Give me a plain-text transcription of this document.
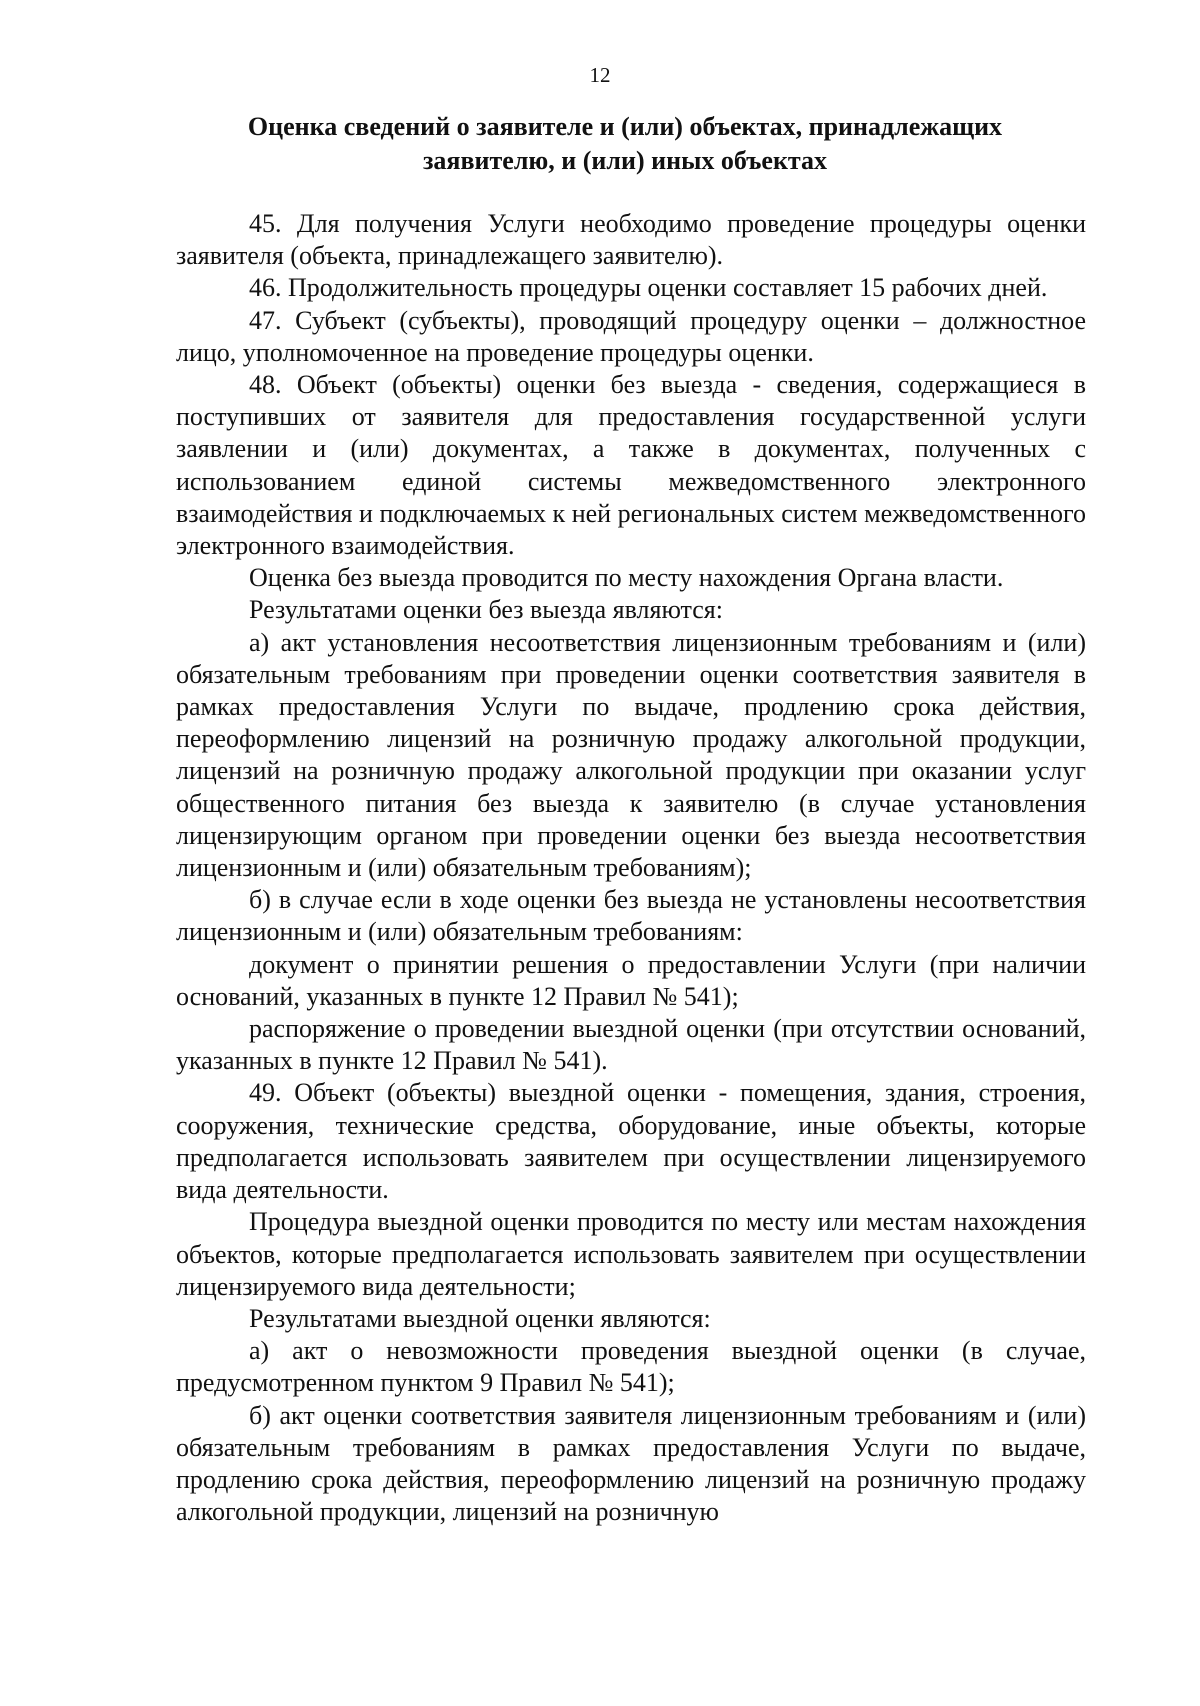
12
Оценка сведений о заявителе и (или) объектах, принадлежащих
заявителю, и (или) иных объектах

45. Для получения Услуги необходимо проведение процедуры оценки заявителя (объекта, принадлежащего заявителю).

46. Продолжительность процедуры оценки составляет 15 рабочих дней.

47. Субъект (субъекты), проводящий процедуру оценки – должностное лицо, уполномоченное на проведение процедуры оценки.

48. Объект (объекты) оценки без выезда - сведения, содержащиеся в поступивших от заявителя для предоставления государственной услуги заявлении и (или) документах, а также в документах, полученных с использованием единой системы межведомственного электронного взаимодействия и подключаемых к ней региональных систем межведомственного электронного взаимодействия.

Оценка без выезда проводится по месту нахождения Органа власти.

Результатами оценки без выезда являются:

а) акт установления несоответствия лицензионным требованиям и (или) обязательным требованиям при проведении оценки соответствия заявителя в рамках предоставления Услуги по выдаче, продлению срока действия, переоформлению лицензий на розничную продажу алкогольной продукции, лицензий на розничную продажу алкогольной продукции при оказании услуг общественного питания без выезда к заявителю (в случае установления лицензирующим органом при проведении оценки без выезда несоответствия лицензионным и (или) обязательным требованиям);

б) в случае если в ходе оценки без выезда не установлены несоответствия лицензионным и (или) обязательным требованиям:

документ о принятии решения о предоставлении Услуги (при наличии оснований, указанных в пункте 12 Правил № 541);

распоряжение о проведении выездной оценки (при отсутствии оснований, указанных в пункте 12 Правил № 541).

49. Объект (объекты) выездной оценки - помещения, здания, строения, сооружения, технические средства, оборудование, иные объекты, которые предполагается использовать заявителем при осуществлении лицензируемого вида деятельности.

Процедура выездной оценки проводится по месту или местам нахождения объектов, которые предполагается использовать заявителем при осуществлении лицензируемого вида деятельности;

Результатами выездной оценки являются:

а) акт о невозможности проведения выездной оценки (в случае, предусмотренном пунктом 9 Правил № 541);

б) акт оценки соответствия заявителя лицензионным требованиям и (или) обязательным требованиям в рамках предоставления Услуги по выдаче, продлению срока действия, переоформлению лицензий на розничную продажу алкогольной продукции, лицензий на розничную
